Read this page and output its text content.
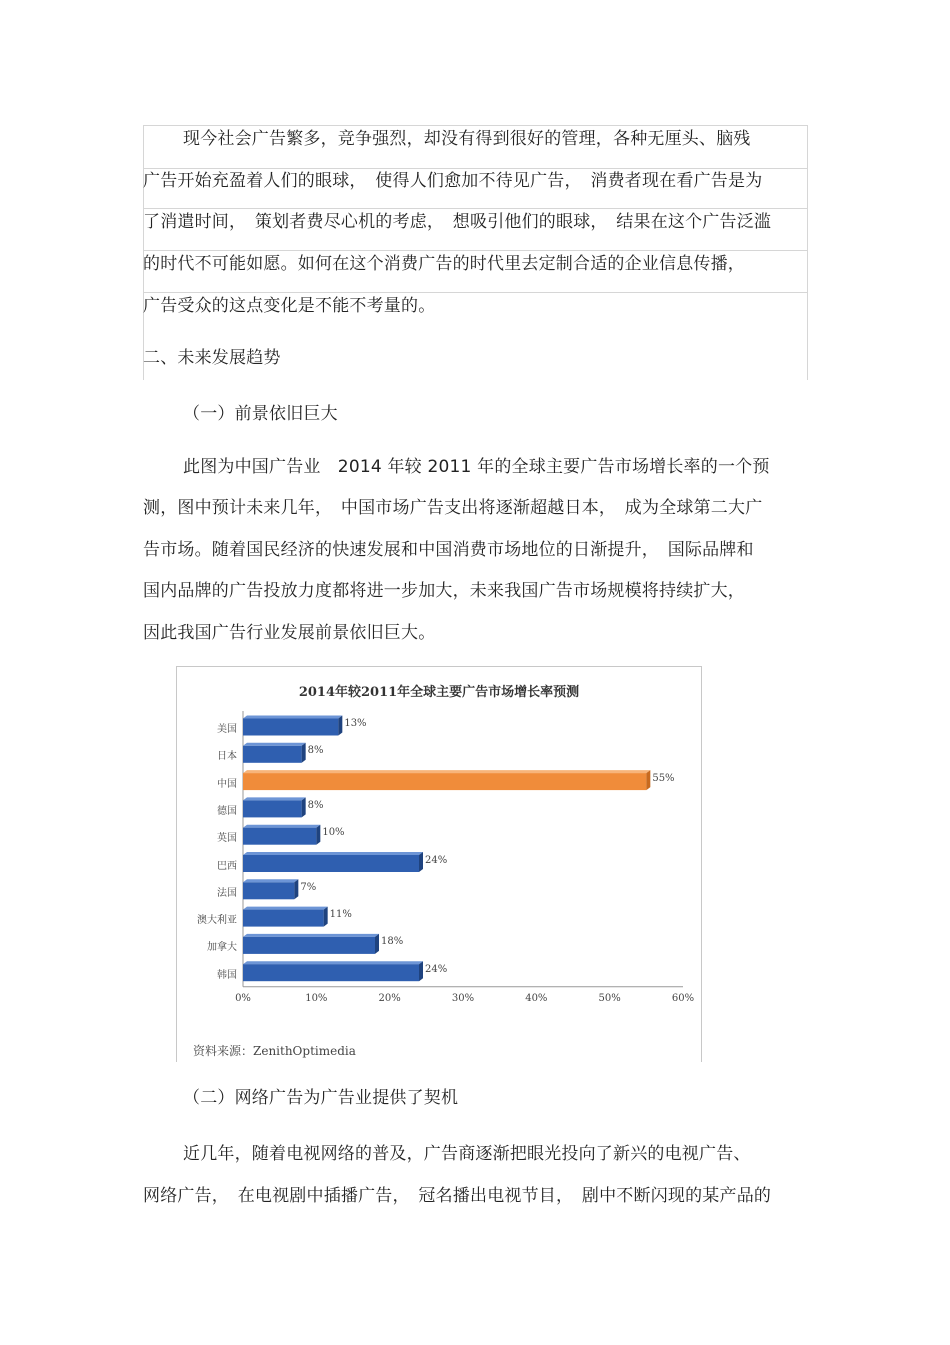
现今社会广告繁多，竞争强烈，却没有得到很好的管理，各种无厘头、脑残
广告开始充盈着人们的眼球，　使得人们愈加不待见广告，　消费者现在看广告是为
了消遣时间，　策划者费尽心机的考虑，　想吸引他们的眼球，　结果在这个广告泛滥
的时代不可能如愿。如何在这个消费广告的时代里去定制合适的企业信息传播，
广告受众的这点变化是不能不考量的。
二、未来发展趋势
（一）前景依旧巨大
此图为中国广告业　2014 年较 2011 年的全球主要广告市场增长率的一个预
测，图中预计未来几年，　中国市场广告支出将逐渐超越日本，　成为全球第二大广
告市场。随着国民经济的快速发展和中国消费市场地位的日渐提升，　国际品牌和
国内品牌的广告投放力度都将进一步加大，未来我国广告市场规模将持续扩大，
因此我国广告行业发展前景依旧巨大。
2014年较2011年全球主要广告市场增长率预测
资料来源：ZenithOptimedia
美国
13%
日本
8%
中国
55%
德国
8%
英国
10%
巴西
24%
法国
7%
澳大利亚
11%
加拿大
18%
韩国
24%
0%	10%	20%	30%	40%	50%	60%
（二）网络广告为广告业提供了契机
近几年，随着电视网络的普及，广告商逐渐把眼光投向了新兴的电视广告、
网络广告，　在电视剧中插播广告，　冠名播出电视节目，　剧中不断闪现的某产品的
